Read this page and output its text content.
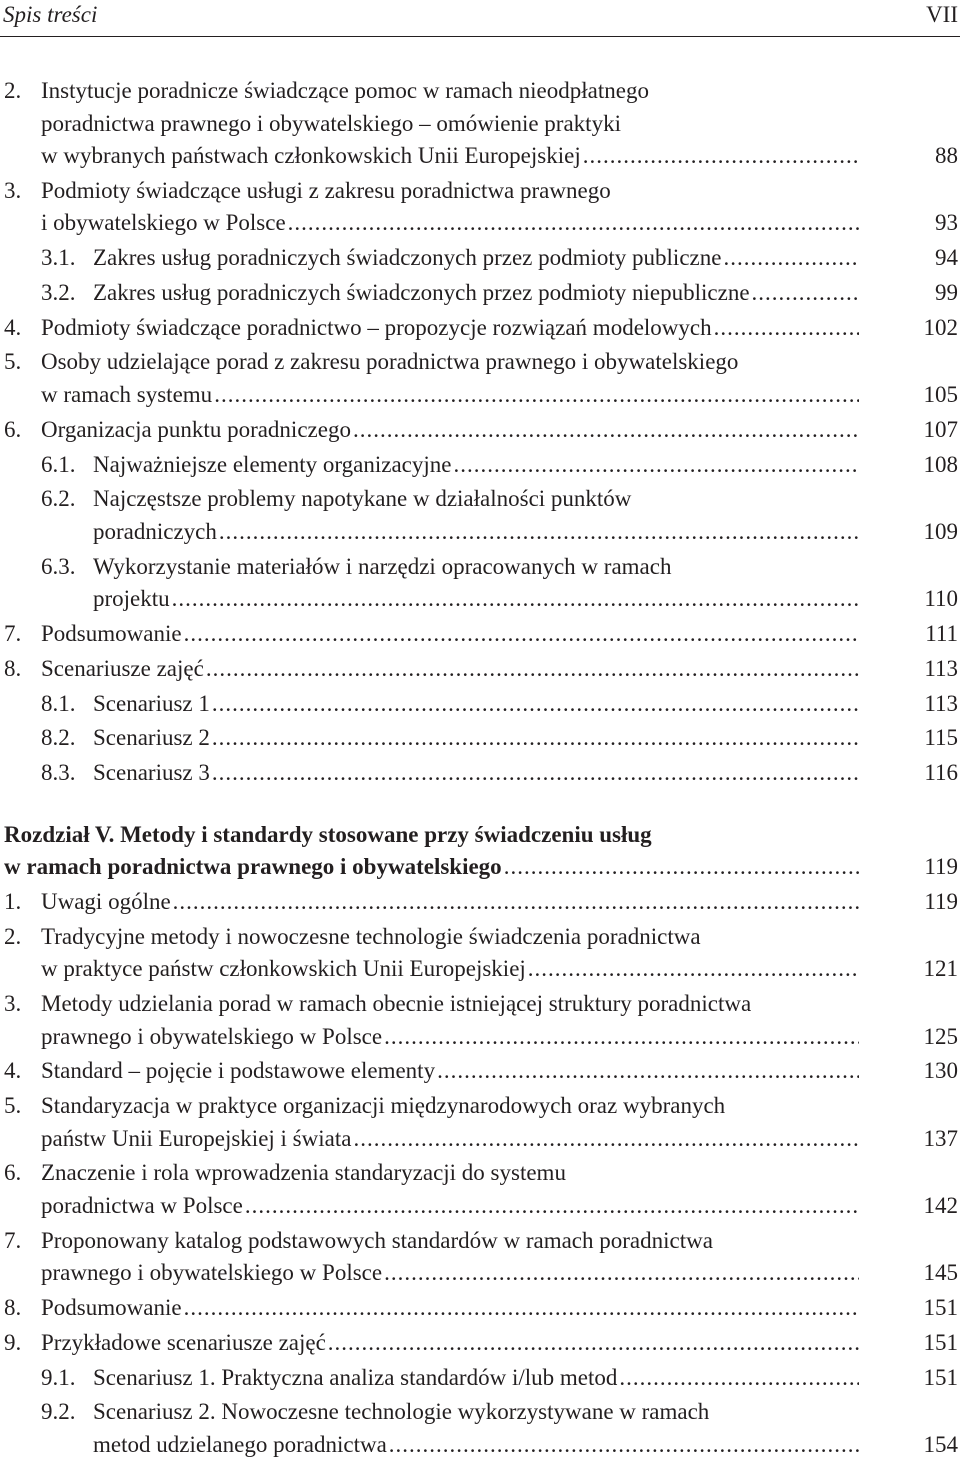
Spis treści	VII
2. Instytucje poradnicze świadczące pomoc w ramach nieodpłatnego
poradnictwa prawnego i obywatelskiego – omówienie praktyki
w wybranych państwach członkowskich Unii Europejskiej .....	88
3. Podmioty świadczące usługi z zakresu poradnictwa prawnego
i obywatelskiego w Polsce .....	93
3.1. Zakres usług poradniczych świadczonych przez podmioty publiczne .....	94
3.2. Zakres usług poradniczych świadczonych przez podmioty niepubliczne .....	99
4. Podmioty świadczące poradnictwo – propozycje rozwiązań modelowych .....	102
5. Osoby udzielające porad z zakresu poradnictwa prawnego i obywatelskiego
w ramach systemu .....	105
6. Organizacja punktu poradniczego .....	107
6.1. Najważniejsze elementy organizacyjne .....	108
6.2. Najczęstsze problemy napotykane w działalności punktów
poradniczych .....	109
6.3. Wykorzystanie materiałów i narzędzi opracowanych w ramach
projektu .....	110
7. Podsumowanie .....	111
8. Scenariusze zajęć .....	113
8.1. Scenariusz 1 .....	113
8.2. Scenariusz 2 .....	115
8.3. Scenariusz 3 .....	116
Rozdział V. Metody i standardy stosowane przy świadczeniu usług
w ramach poradnictwa prawnego i obywatelskiego .....	119
1. Uwagi ogólne .....	119
2. Tradycyjne metody i nowoczesne technologie świadczenia poradnictwa
w praktyce państw członkowskich Unii Europejskiej .....	121
3. Metody udzielania porad w ramach obecnie istniejącej struktury poradnictwa
prawnego i obywatelskiego w Polsce .....	125
4. Standard – pojęcie i podstawowe elementy .....	130
5. Standaryzacja w praktyce organizacji międzynarodowych oraz wybranych
państw Unii Europejskiej i świata .....	137
6. Znaczenie i rola wprowadzenia standaryzacji do systemu
poradnictwa w Polsce .....	142
7. Proponowany katalog podstawowych standardów w ramach poradnictwa
prawnego i obywatelskiego w Polsce .....	145
8. Podsumowanie .....	151
9. Przykładowe scenariusze zajęć .....	151
9.1. Scenariusz 1. Praktyczna analiza standardów i/lub metod .....	151
9.2. Scenariusz 2. Nowoczesne technologie wykorzystywane w ramach
metod udzielanego poradnictwa .....	154
